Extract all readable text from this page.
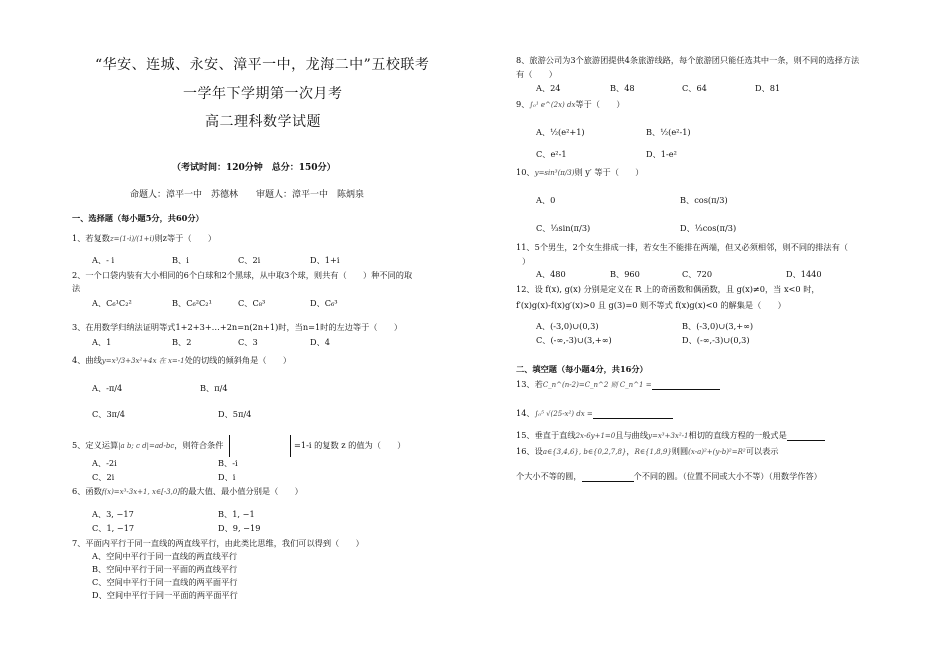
“华安、连城、永安、漳平一中，龙海二中”五校联考
一学年下学期第一次月考
高二理科数学试题
（考试时间：120分钟　总分：150分）
命题人：漳平一中　苏德林　　审题人：漳平一中　陈炳泉
一、选择题（每小题5分，共60分）
1、若复数z=(1-i)/(1+i)则z等于（　　）
A、- i	B、i	C、2i	D、1+i
2、一个口袋内装有大小相同的6个白球和2个黑球，从中取3个球，则共有（　　）种不同的取
法
A、C₆¹C₂²	B、C₆²C₂¹	C、C₈³	D、C₆³
3、在用数学归纳法证明等式1+2+3+…+2n=n(2n+1)时，当n=1时的左边等于（　　）
A、1	B、2	C、3	D、4
4、曲线y=x³/3+3x²+4x 在 x=-1处的切线的倾斜角是（　　）
A、-π/4	B、π/4
C、3π/4	D、5π/4
5、定义运算|a b; c d|=ad-bc，则符合条件	=1-i 的复数 z 的值为（　　）
A、-2i	B、-i
C、2i	D、i
6、函数f(x)=x³-3x+1, x∈[-3,0]的最大值、最小值分别是（　　）
A、3, −17	B、1, −1
C、1, −17	D、9, −19
7、平面内平行于同一直线的两直线平行，由此类比思维，我们可以得到（　　）
A、空间中平行于同一直线的两直线平行
B、空间中平行于同一平面的两直线平行
C、空间中平行于同一直线的两平面平行
D、空间中平行于同一平面的两平面平行
8、旅游公司为3个旅游团提供4条旅游线路，每个旅游团只能任选其中一条，则不同的选择方法
有（　　）
A、24	B、48	C、64	D、81
9、∫₀¹ e^(2x) dx等于（　　）
A、½(e²+1)	B、½(e²-1)
C、e²-1	D、1-e²
10、y=sin³(π/3)则 y′ 等于（　　）
A、0	B、cos(π/3)
C、⅓sin(π/3)	D、⅓cos(π/3)
11、5个男生，2个女生排成一排，若女生不能排在两端，但又必须相邻，则不同的排法有（
）
A、480	B、960	C、720	D、1440
12、设 f(x), g(x) 分别是定义在 R 上的奇函数和偶函数，且 g(x)≠0，当 x<0 时，
f′(x)g(x)-f(x)g′(x)>0 且 g(3)=0 则不等式 f(x)g(x)<0 的解集是（　　）
A、(-3,0)∪(0,3)	B、(-3,0)∪(3,+∞)
C、(-∞,-3)∪(3,+∞)	D、(-∞,-3)∪(0,3)
二、填空题（每小题4分，共16分）
13、若C_n^(n-2)=C_n^2 则 C_n^1 =
14、∫₀⁵ √(25-x²) dx =
15、垂直于直线2x-6y+1=0且与曲线y=x³+3x²-1相切的直线方程的一般式是
16、设a∈{3,4,6}, b∈{0,2,7,8}，R∈{1,8,9}则圆(x-a)²+(y-b)²=R²可以表示
个大小不等的圆，	个不同的圆。（位置不同或大小不等）（用数学作答）
